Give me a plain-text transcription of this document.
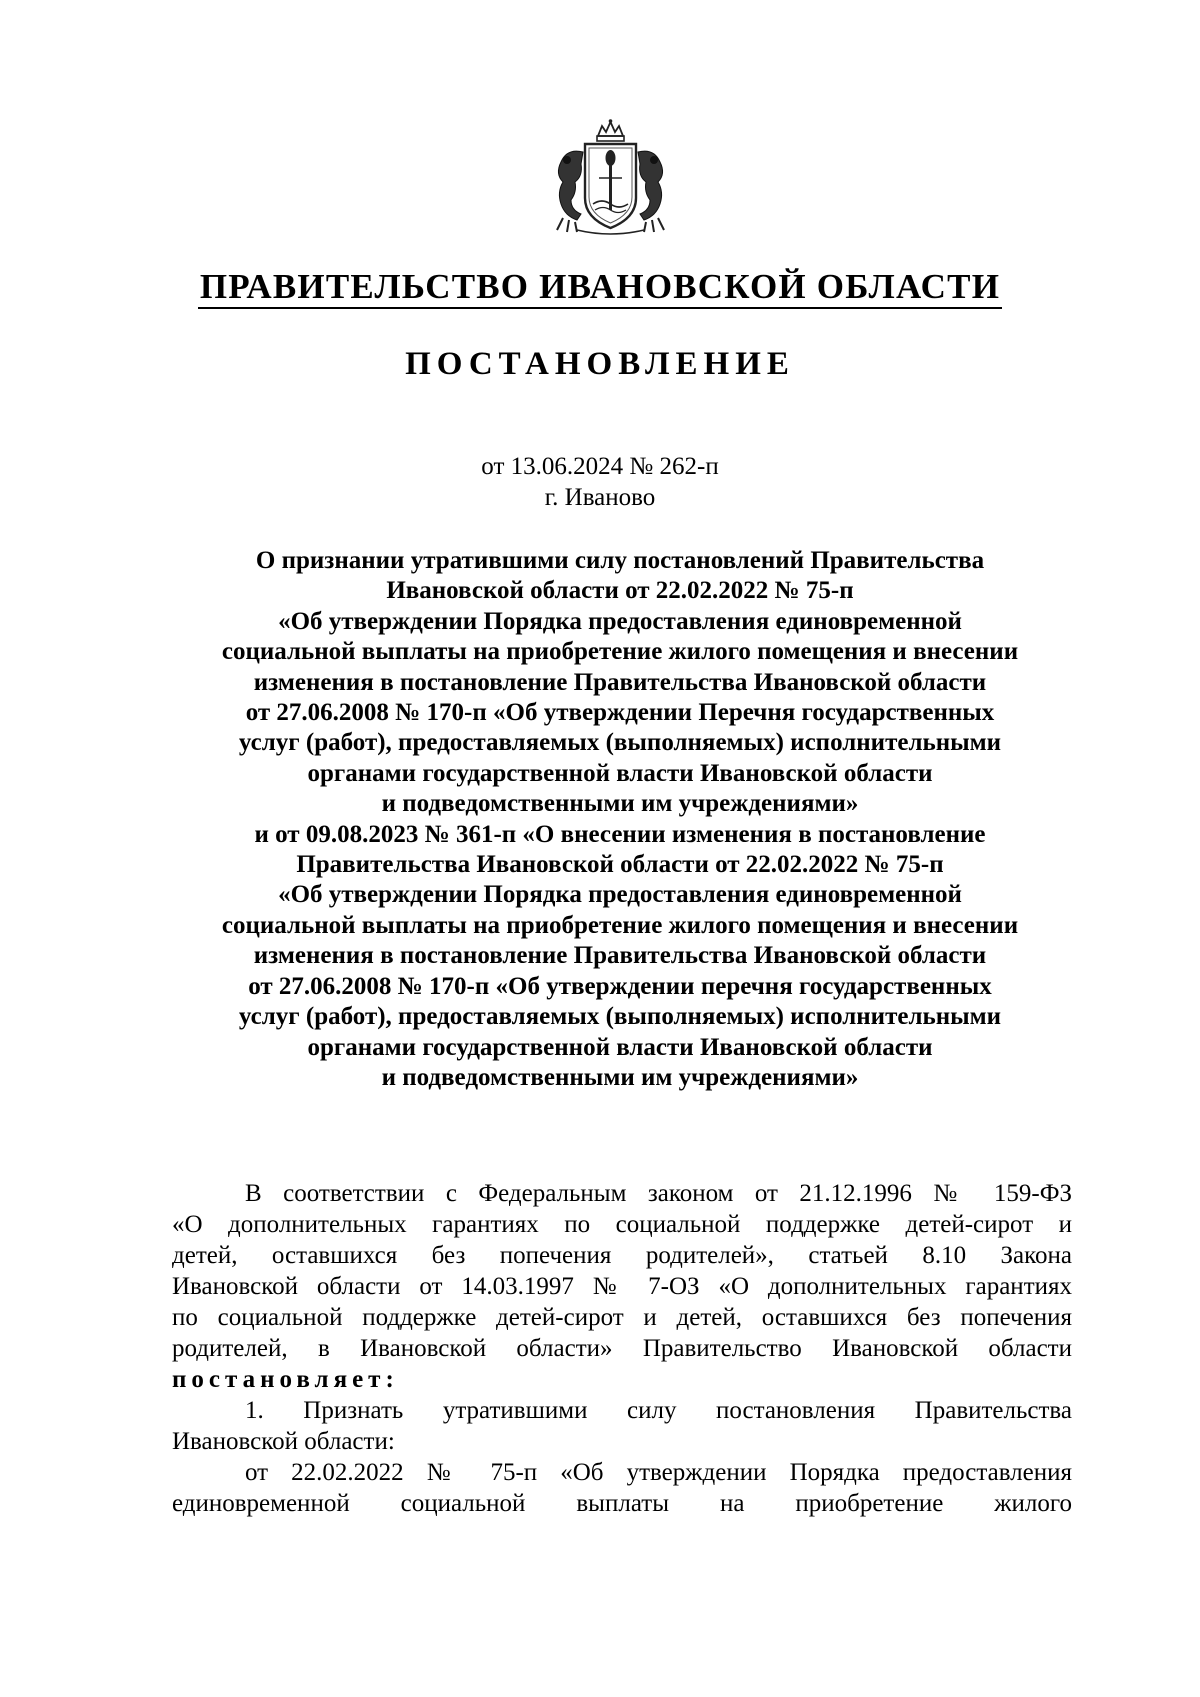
ПРАВИТЕЛЬСТВО ИВАНОВСКОЙ ОБЛАСТИ
ПОСТАНОВЛЕНИЕ
от 13.06.2024 № 262-п
г. Иваново
О признании утратившими силу постановлений Правительства
Ивановской области от 22.02.2022 № 75-п
«Об утверждении Порядка предоставления единовременной
социальной выплаты на приобретение жилого помещения и внесении
изменения в постановление Правительства Ивановской области
от 27.06.2008 № 170-п «Об утверждении Перечня государственных
услуг (работ), предоставляемых (выполняемых) исполнительными
органами государственной власти Ивановской области
и подведомственными им учреждениями»
и от 09.08.2023 № 361-п «О внесении изменения в постановление
Правительства Ивановской области от 22.02.2022 № 75-п
«Об утверждении Порядка предоставления единовременной
социальной выплаты на приобретение жилого помещения и внесении
изменения в постановление Правительства Ивановской области
от 27.06.2008 № 170-п «Об утверждении перечня государственных
услуг (работ), предоставляемых (выполняемых) исполнительными
органами государственной власти Ивановской области
и подведомственными им учреждениями»
В соответствии с Федеральным законом от 21.12.1996 № 159-ФЗ
«О дополнительных гарантиях по социальной поддержке детей-сирот и
детей, оставшихся без попечения родителей», статьей 8.10 Закона
Ивановской области от 14.03.1997 № 7-ОЗ «О дополнительных гарантиях
по социальной поддержке детей-сирот и детей, оставшихся без попечения
родителей, в Ивановской области» Правительство Ивановской области
постановляет:
1. Признать утратившими силу постановления Правительства
Ивановской области:
от 22.02.2022 № 75-п «Об утверждении Порядка предоставления
единовременной социальной выплаты на приобретение жилого
